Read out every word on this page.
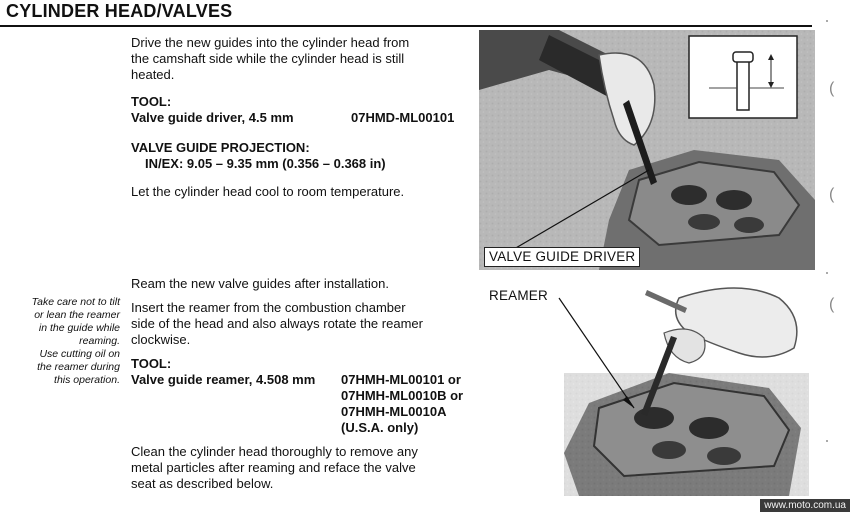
CYLINDER HEAD/VALVES
Drive the new guides into the cylinder head from
the camshaft side while the cylinder head is still
heated.
TOOL:
Valve guide driver, 4.5 mm	07HMD-ML00101
VALVE GUIDE PROJECTION:
IN/EX: 9.05 – 9.35 mm (0.356 – 0.368 in)
Let the cylinder head cool to room temperature.
Ream the new valve guides after installation.
Insert the reamer from the combustion chamber
side of the head and also always rotate the reamer
clockwise.
TOOL:
Valve guide reamer, 4.508 mm 07HMH-ML00101 or
07HMH-ML0010B or
07HMH-ML0010A
(U.S.A. only)
Clean the cylinder head thoroughly to remove any
metal particles after reaming and reface the valve
seat as described below.
Take care not to tilt
or lean the reamer
in the guide while
reaming.
Use cutting oil on
the reamer during
this operation.
VALVE GUIDE DRIVER
REAMER
(
(
(
www.moto.com.ua
